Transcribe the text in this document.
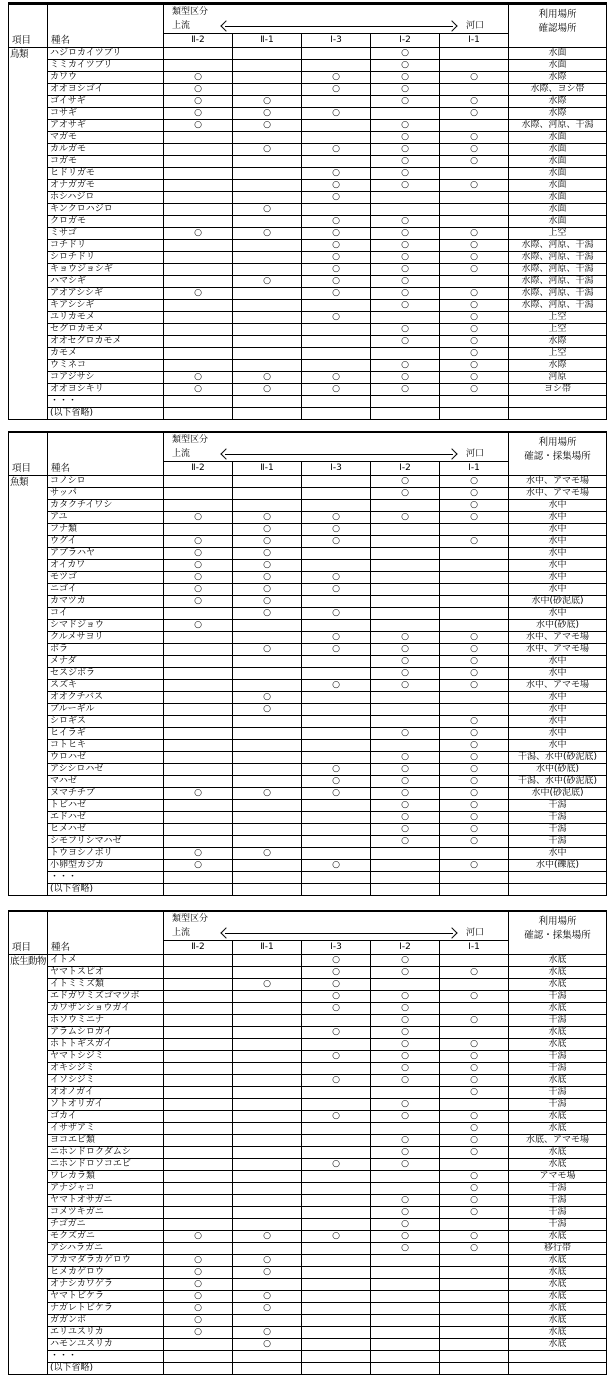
項目	種名	
類型区分
上流	河口

利用場所
確認場所

		Ⅱ-2	Ⅱ-1	Ⅰ-3	Ⅰ-2	Ⅰ-1	
鳥類	ハジロカイツブリ				○		水面
	ミミカイツブリ				○		水面
	カワウ	○		○	○	○	水際
	オオヨシゴイ	○		○	○		水際、ヨシ帯
	ゴイサギ	○	○		○	○	水際
	コサギ	○	○	○		○	水際
	アオサギ	○	○		○		水際、河原、干潟
	マガモ				○	○	水面
	カルガモ		○	○	○	○	水面
	コガモ				○	○	水面
	ヒドリガモ			○	○		水面
	オナガガモ			○	○	○	水面
	ホシハジロ			○			水面
	キンクロハジロ		○				水面
	クロガモ			○	○		水面
	ミサゴ	○	○	○	○	○	上空
	コチドリ			○	○	○	水際、河原、干潟
	シロチドリ			○	○	○	水際、河原、干潟
	キョウジョシギ			○	○	○	水際、河原、干潟
	ハマシギ		○	○	○		水際、河原、干潟
	アオアシシギ	○		○	○	○	水際、河原、干潟
	キアシシギ				○	○	水際、河原、干潟
	ユリカモメ			○		○	上空
	セグロカモメ				○	○	上空
	オオセグロカモメ				○	○	水際
	カモメ					○	上空
	ウミネコ				○	○	水際
	コアジサシ	○	○	○	○	○	河原
	オオヨシキリ	○	○	○	○	○	ヨシ帯
	・・・						
	(以下省略)						
項目	種名	
類型区分
上流	河口

利用場所
確認・採集場所

		Ⅱ-2	Ⅱ-1	Ⅰ-3	Ⅰ-2	Ⅰ-1	
魚類	コノシロ				○	○	水中、アマモ場
	サッパ				○	○	水中、アマモ場
	カタクチイワシ					○	水中
	アユ	○	○	○	○	○	水中
	フナ類		○	○			水中
	ウグイ	○	○	○		○	水中
	アブラハヤ	○	○				水中
	オイカワ	○	○				水中
	モツゴ	○	○	○			水中
	ニゴイ	○	○	○			水中
	カマツカ	○	○				水中(砂泥底)
	コイ		○	○			水中
	シマドジョウ	○					水中(砂底)
	クルメサヨリ			○	○	○	水中、アマモ場
	ボラ		○	○	○	○	水中、アマモ場
	メナダ				○	○	水中
	セスジボラ				○	○	水中
	スズキ			○	○	○	水中、アマモ場
	オオクチバス		○				水中
	ブルーギル		○				水中
	シロギス					○	水中
	ヒイラギ				○	○	水中
	コトヒキ					○	水中
	ウロハゼ				○	○	干潟、水中(砂泥底)
	アシシロハゼ			○	○	○	水中(砂底)
	マハゼ			○	○	○	干潟、水中(砂泥底)
	ヌマチチブ	○	○	○	○	○	水中(砂泥底)
	トビハゼ				○	○	干潟
	エドハゼ				○	○	干潟
	ヒメハゼ				○	○	干潟
	シモフリシマハゼ				○	○	干潟
	トウヨシノボリ	○	○				水中
	小卵型カジカ	○		○		○	水中(礫底)
	・・・						
	(以下省略)						
項目	種名	
類型区分
上流	河口

利用場所
確認・採集場所

		Ⅱ-2	Ⅱ-1	Ⅰ-3	Ⅰ-2	Ⅰ-1	
底生動物	イトメ			○	○		水底
	ヤマトスピオ			○	○	○	水底
	イトミミズ類		○	○			水底
	エドガワミズゴマツボ			○	○	○	干潟
	カワザンショウガイ			○	○		水底
	ホソウミニナ				○	○	干潟
	アラムシロガイ			○	○		水底
	ホトトギスガイ				○	○	水底
	ヤマトシジミ			○	○	○	干潟
	オキシジミ				○	○	干潟
	イソシジミ			○	○	○	水底
	オオノガイ					○	干潟
	ソトオリガイ				○		干潟
	ゴカイ			○	○	○	水底
	イサザアミ					○	水底
	ヨコエビ類				○	○	水底、アマモ場
	ニホンドロクダムシ				○	○	水底
	ニホンドロソコエビ			○	○		水底
	ワレカラ類					○	アマモ場
	アナジャコ					○	干潟
	ヤマトオサガニ				○	○	干潟
	コメツキガニ				○	○	干潟
	チゴガニ				○		干潟
	モクズガニ	○	○	○	○	○	水底
	アシハラガニ				○	○	移行帯
	アカマダラカゲロウ	○	○				水底
	ヒメカゲロウ	○	○				水底
	オナシカワゲラ	○					水底
	ヤマトビケラ	○	○				水底
	ナガレトビケラ	○	○				水底
	ガガンボ	○					水底
	エリユスリカ	○	○				水底
	ハモンユスリカ		○				水底
	・・・						
	(以下省略)						
